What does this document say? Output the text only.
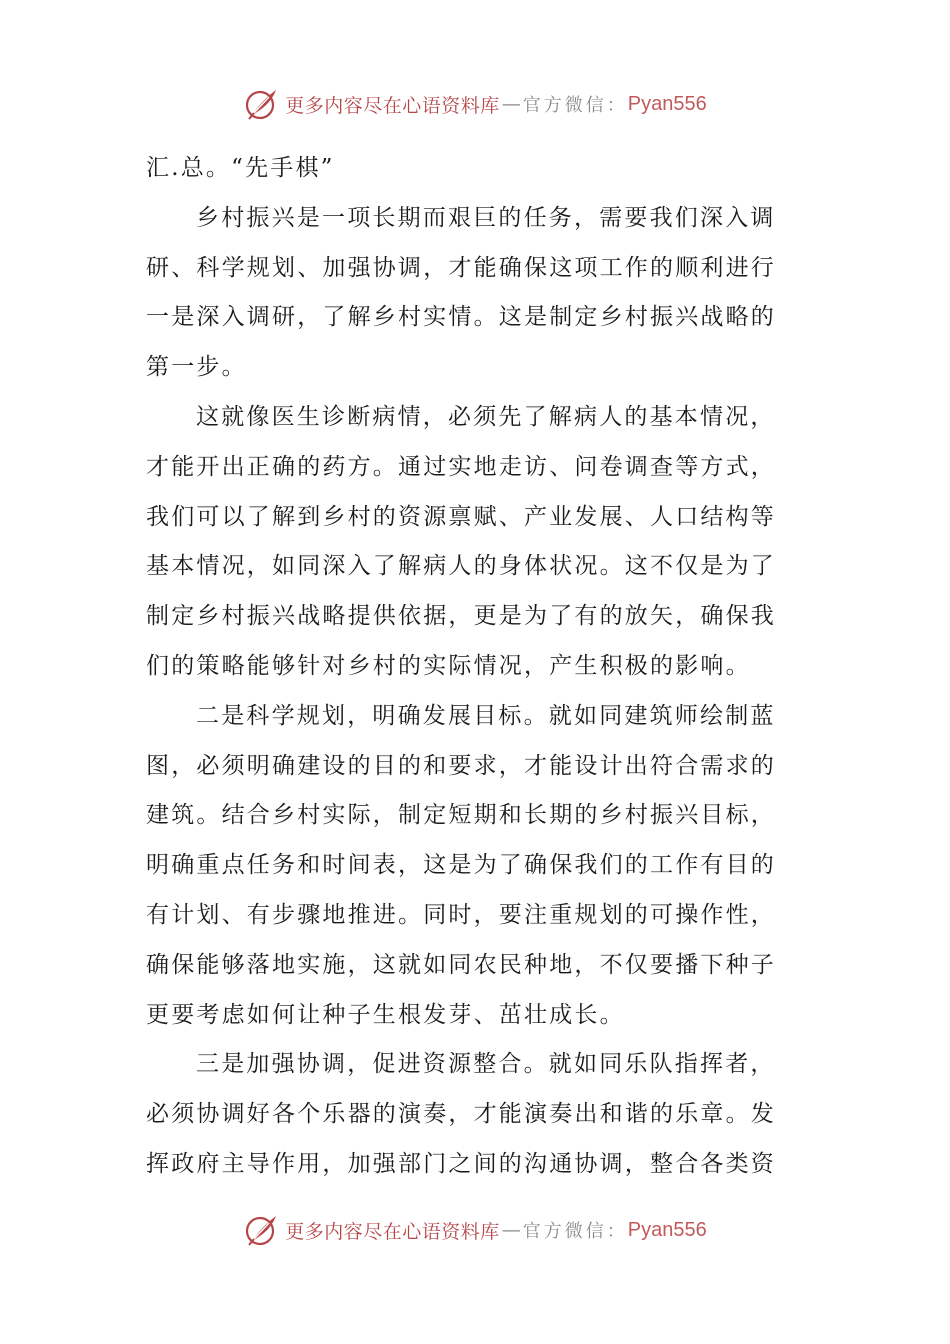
更多内容尽在心语资料库 — 官方微信： Pyan556
汇.总。“先手棋”
乡村振兴是一项长期而艰巨的任务，需要我们深入调
研、科学规划、加强协调，才能确保这项工作的顺利进行
一是深入调研，了解乡村实情。这是制定乡村振兴战略的
第一步。
这就像医生诊断病情，必须先了解病人的基本情况，
才能开出正确的药方。通过实地走访、问卷调查等方式，
我们可以了解到乡村的资源禀赋、产业发展、人口结构等
基本情况，如同深入了解病人的身体状况。这不仅是为了
制定乡村振兴战略提供依据，更是为了有的放矢，确保我
们的策略能够针对乡村的实际情况，产生积极的影响。
二是科学规划，明确发展目标。就如同建筑师绘制蓝
图，必须明确建设的目的和要求，才能设计出符合需求的
建筑。结合乡村实际，制定短期和长期的乡村振兴目标，
明确重点任务和时间表，这是为了确保我们的工作有目的
有计划、有步骤地推进。同时，要注重规划的可操作性，
确保能够落地实施，这就如同农民种地，不仅要播下种子
更要考虑如何让种子生根发芽、茁壮成长。
三是加强协调，促进资源整合。就如同乐队指挥者，
必须协调好各个乐器的演奏，才能演奏出和谐的乐章。发
挥政府主导作用，加强部门之间的沟通协调，整合各类资
更多内容尽在心语资料库 — 官方微信： Pyan556
